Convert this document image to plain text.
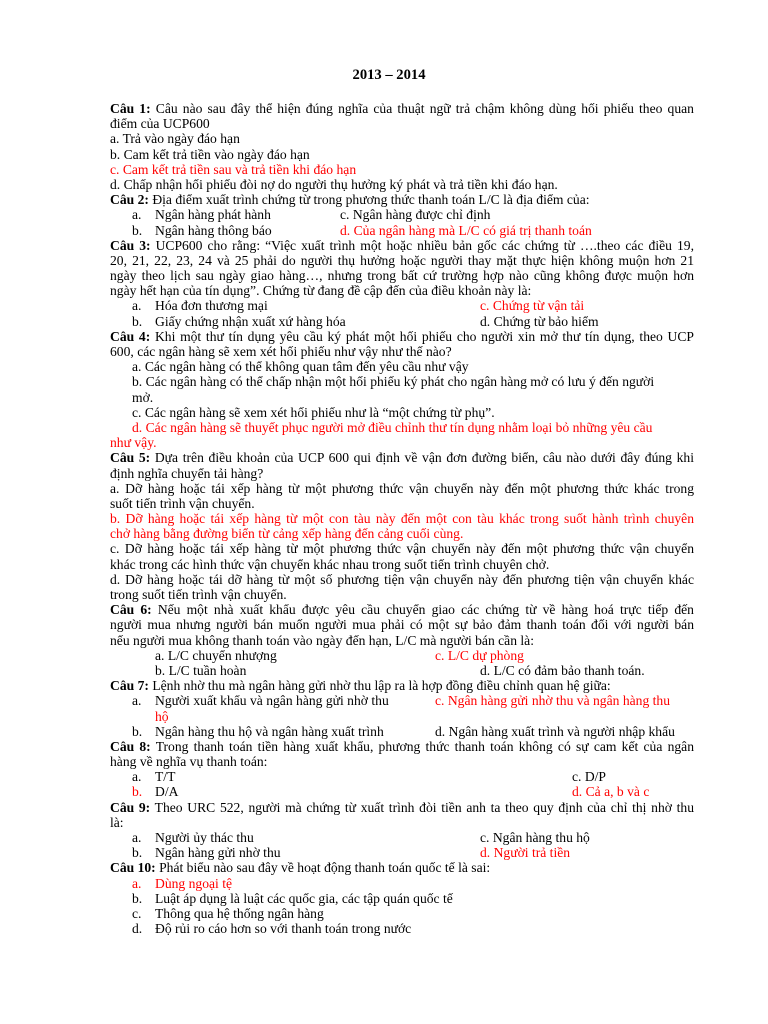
2013 – 2014
Câu 1: Câu nào sau đây thể hiện đúng nghĩa của thuật ngữ trả chậm không dùng hối phiếu theo quan
điểm của UCP600
a. Trả vào ngày đáo hạn
b. Cam kết trả tiền vào ngày đáo hạn
c. Cam kết trả tiền sau và trả tiền khi đáo hạn
d. Chấp nhận hối phiếu đòi nợ do người thụ hưởng ký phát và trả tiền khi đáo hạn.
Câu 2: Địa điểm xuất trình chứng từ trong phương thức thanh toán L/C là địa điểm của:
a. Ngân hàng phát hành	c. Ngân hàng được chỉ định
b. Ngân hàng thông báo	d. Của ngân hàng mà L/C có giá trị thanh toán
Câu 3: UCP600 cho rằng: “Việc xuất trình một hoặc nhiều bản gốc các chứng từ ….theo các điều 19,
20, 21, 22, 23, 24 và 25 phải do người thụ hưởng hoặc người thay mặt thực hiện không muộn hơn 21
ngày theo lịch sau ngày giao hàng…, nhưng trong bất cứ trường hợp nào cũng không được muộn hơn
ngày hết hạn của tín dụng”. Chứng từ đang đề cập đến của điều khoản này là:
a. Hóa đơn thương mại	c. Chứng từ vận tải
b. Giấy chứng nhận xuất xứ hàng hóa	d. Chứng từ bảo hiểm
Câu 4: Khi một thư tín dụng yêu cầu ký phát một hối phiếu cho người xin mở thư tín dụng, theo UCP
600, các ngân hàng sẽ xem xét hối phiếu như vậy như thế nào?
a. Các ngân hàng có thể không quan tâm đến yêu cầu như vậy
b. Các ngân hàng có thể chấp nhận một hối phiếu ký phát cho ngân hàng mở có lưu ý đến người
mở.
c. Các ngân hàng sẽ xem xét hối phiếu như là “một chứng từ phụ”.
d. Các ngân hàng sẽ thuyết phục người mở điều chỉnh thư tín dụng nhằm loại bỏ những yêu cầu
như vậy.
Câu 5: Dựa trên điều khoản của UCP 600 qui định về vận đơn đường biển, câu nào dưới đây đúng khi
định nghĩa chuyển tải hàng?
a. Dỡ hàng hoặc tái xếp hàng từ một phương thức vận chuyển này đến một phương thức khác trong
suốt tiến trình vận chuyển.
b. Dỡ hàng hoặc tái xếp hàng từ một con tàu này đến một con tàu khác trong suốt hành trình chuyên
chở hàng bằng đường biển từ cảng xếp hàng đến cảng cuối cùng.
c. Dỡ hàng hoặc tái xếp hàng từ một phương thức vận chuyển này đến một phương thức vận chuyển
khác trong các hình thức vận chuyển khác nhau trong suốt tiến trình chuyên chở.
d. Dỡ hàng hoặc tái dỡ hàng từ một số phương tiện vận chuyển này đến phương tiện vận chuyển khác
trong suốt tiến trình vận chuyển.
Câu 6: Nếu một nhà xuất khẩu được yêu cầu chuyển giao các chứng từ về hàng hoá trực tiếp đến
người mua nhưng người bán muốn người mua phải có một sự bảo đảm thanh toán đối với người bán
nếu người mua không thanh toán vào ngày đến hạn, L/C mà người bán cần là:
a. L/C chuyển nhượng	c. L/C dự phòng
b. L/C tuần hoàn	d. L/C có đảm bảo thanh toán.
Câu 7: Lệnh nhờ thu mà ngân hàng gửi nhờ thu lập ra là hợp đồng điều chỉnh quan hệ giữa:
a. Người xuất khẩu và ngân hàng gửi nhờ thu	c. Ngân hàng gửi nhờ thu và ngân hàng thu
hộ
b. Ngân hàng thu hộ và ngân hàng xuất trình	d. Ngân hàng xuất trình và người nhập khẩu
Câu 8: Trong thanh toán tiền hàng xuất khẩu, phương thức thanh toán không có sự cam kết của ngân
hàng về nghĩa vụ thanh toán:
a. T/T	c. D/P
b. D/A	d. Cả a, b và c
Câu 9: Theo URC 522, người mà chứng từ xuất trình đòi tiền anh ta theo quy định của chỉ thị nhờ thu
là:
a. Người ủy thác thu	c. Ngân hàng thu hộ
b. Ngân hàng gửi nhờ thu	d. Người trả tiền
Câu 10: Phát biểu nào sau đây về hoạt động thanh toán quốc tế là sai:
a. Dùng ngoại tệ
b. Luật áp dụng là luật các quốc gia, các tập quán quốc tế
c. Thông qua hệ thống ngân hàng
d. Độ rủi ro cáo hơn so với thanh toán trong nước
